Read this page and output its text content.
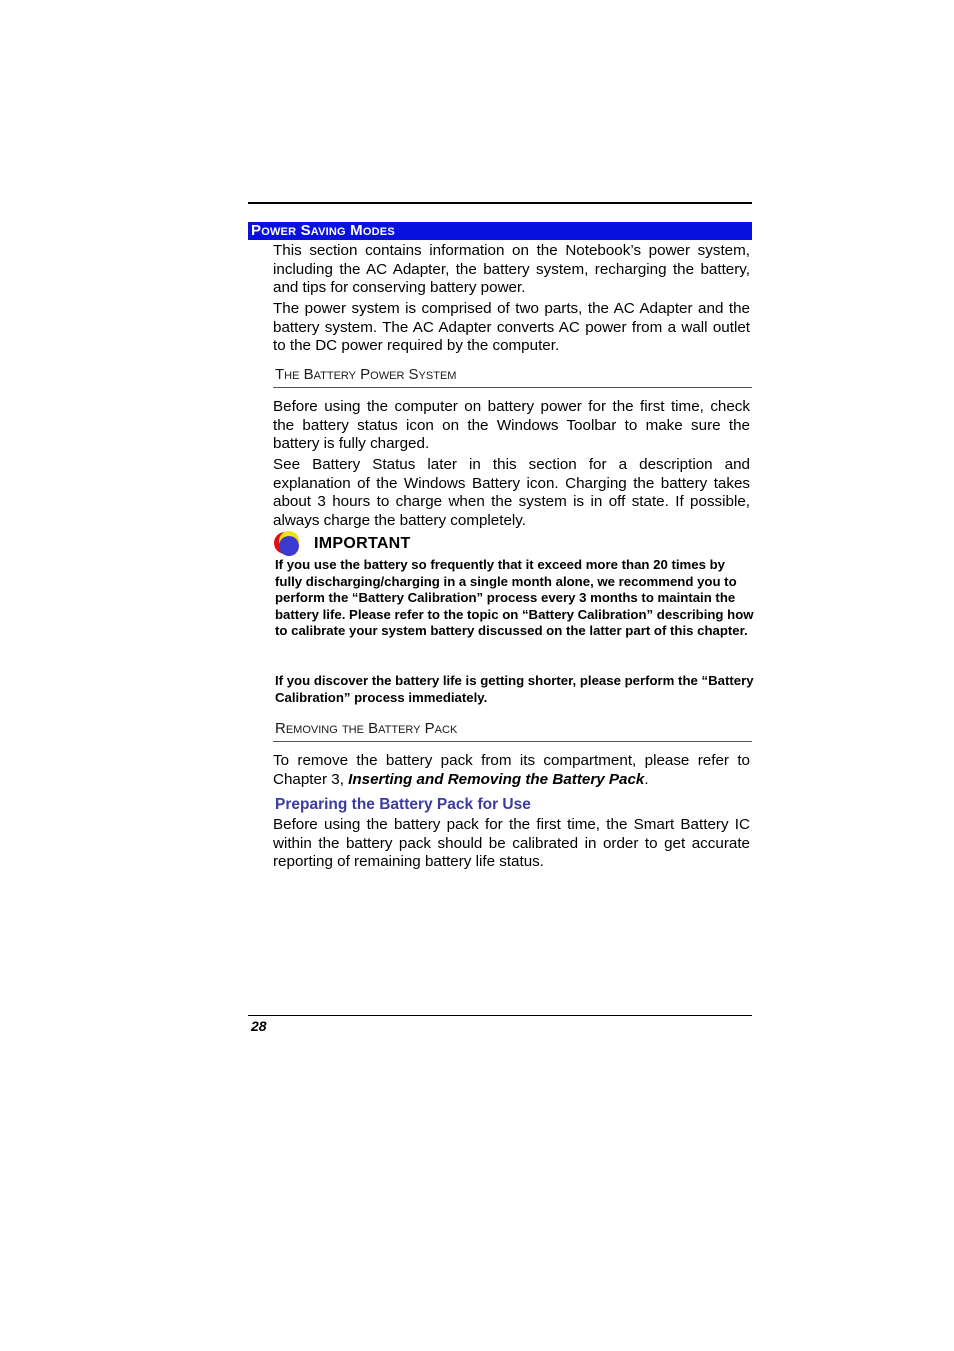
Power Saving Modes

This section contains information on the Notebook’s power system, including the AC Adapter, the battery system, recharging the battery, and tips for conserving battery power.

The power system is comprised of two parts, the AC Adapter and the battery system. The AC Adapter converts AC power from a wall outlet to the DC power required by the computer.

The Battery Power System

Before using the computer on battery power for the first time, check the battery status icon on the Windows Toolbar to make sure the battery is fully charged.

See Battery Status later in this section for a description and explanation of the Windows Battery icon. Charging the battery takes about 3 hours to charge when the system is in off state. If possible, always charge the battery completely.

IMPORTANT

If you use the battery so frequently that it exceed more than 20 times by fully discharging/charging in a single month alone, we recommend you to perform the “Battery Calibration” process every 3 months to maintain the battery life. Please refer to the topic on “Battery Calibration” describing how to calibrate your system battery discussed on the latter part of this chapter.

If you discover the battery life is getting shorter, please perform the “Battery Calibration” process immediately.

Removing the Battery Pack

To remove the battery pack from its compartment, please refer to Chapter 3, Inserting and Removing the Battery Pack.

Preparing the Battery Pack for Use

Before using the battery pack for the first time, the Smart Battery IC within the battery pack should be calibrated in order to get accurate reporting of remaining battery life status.

28
